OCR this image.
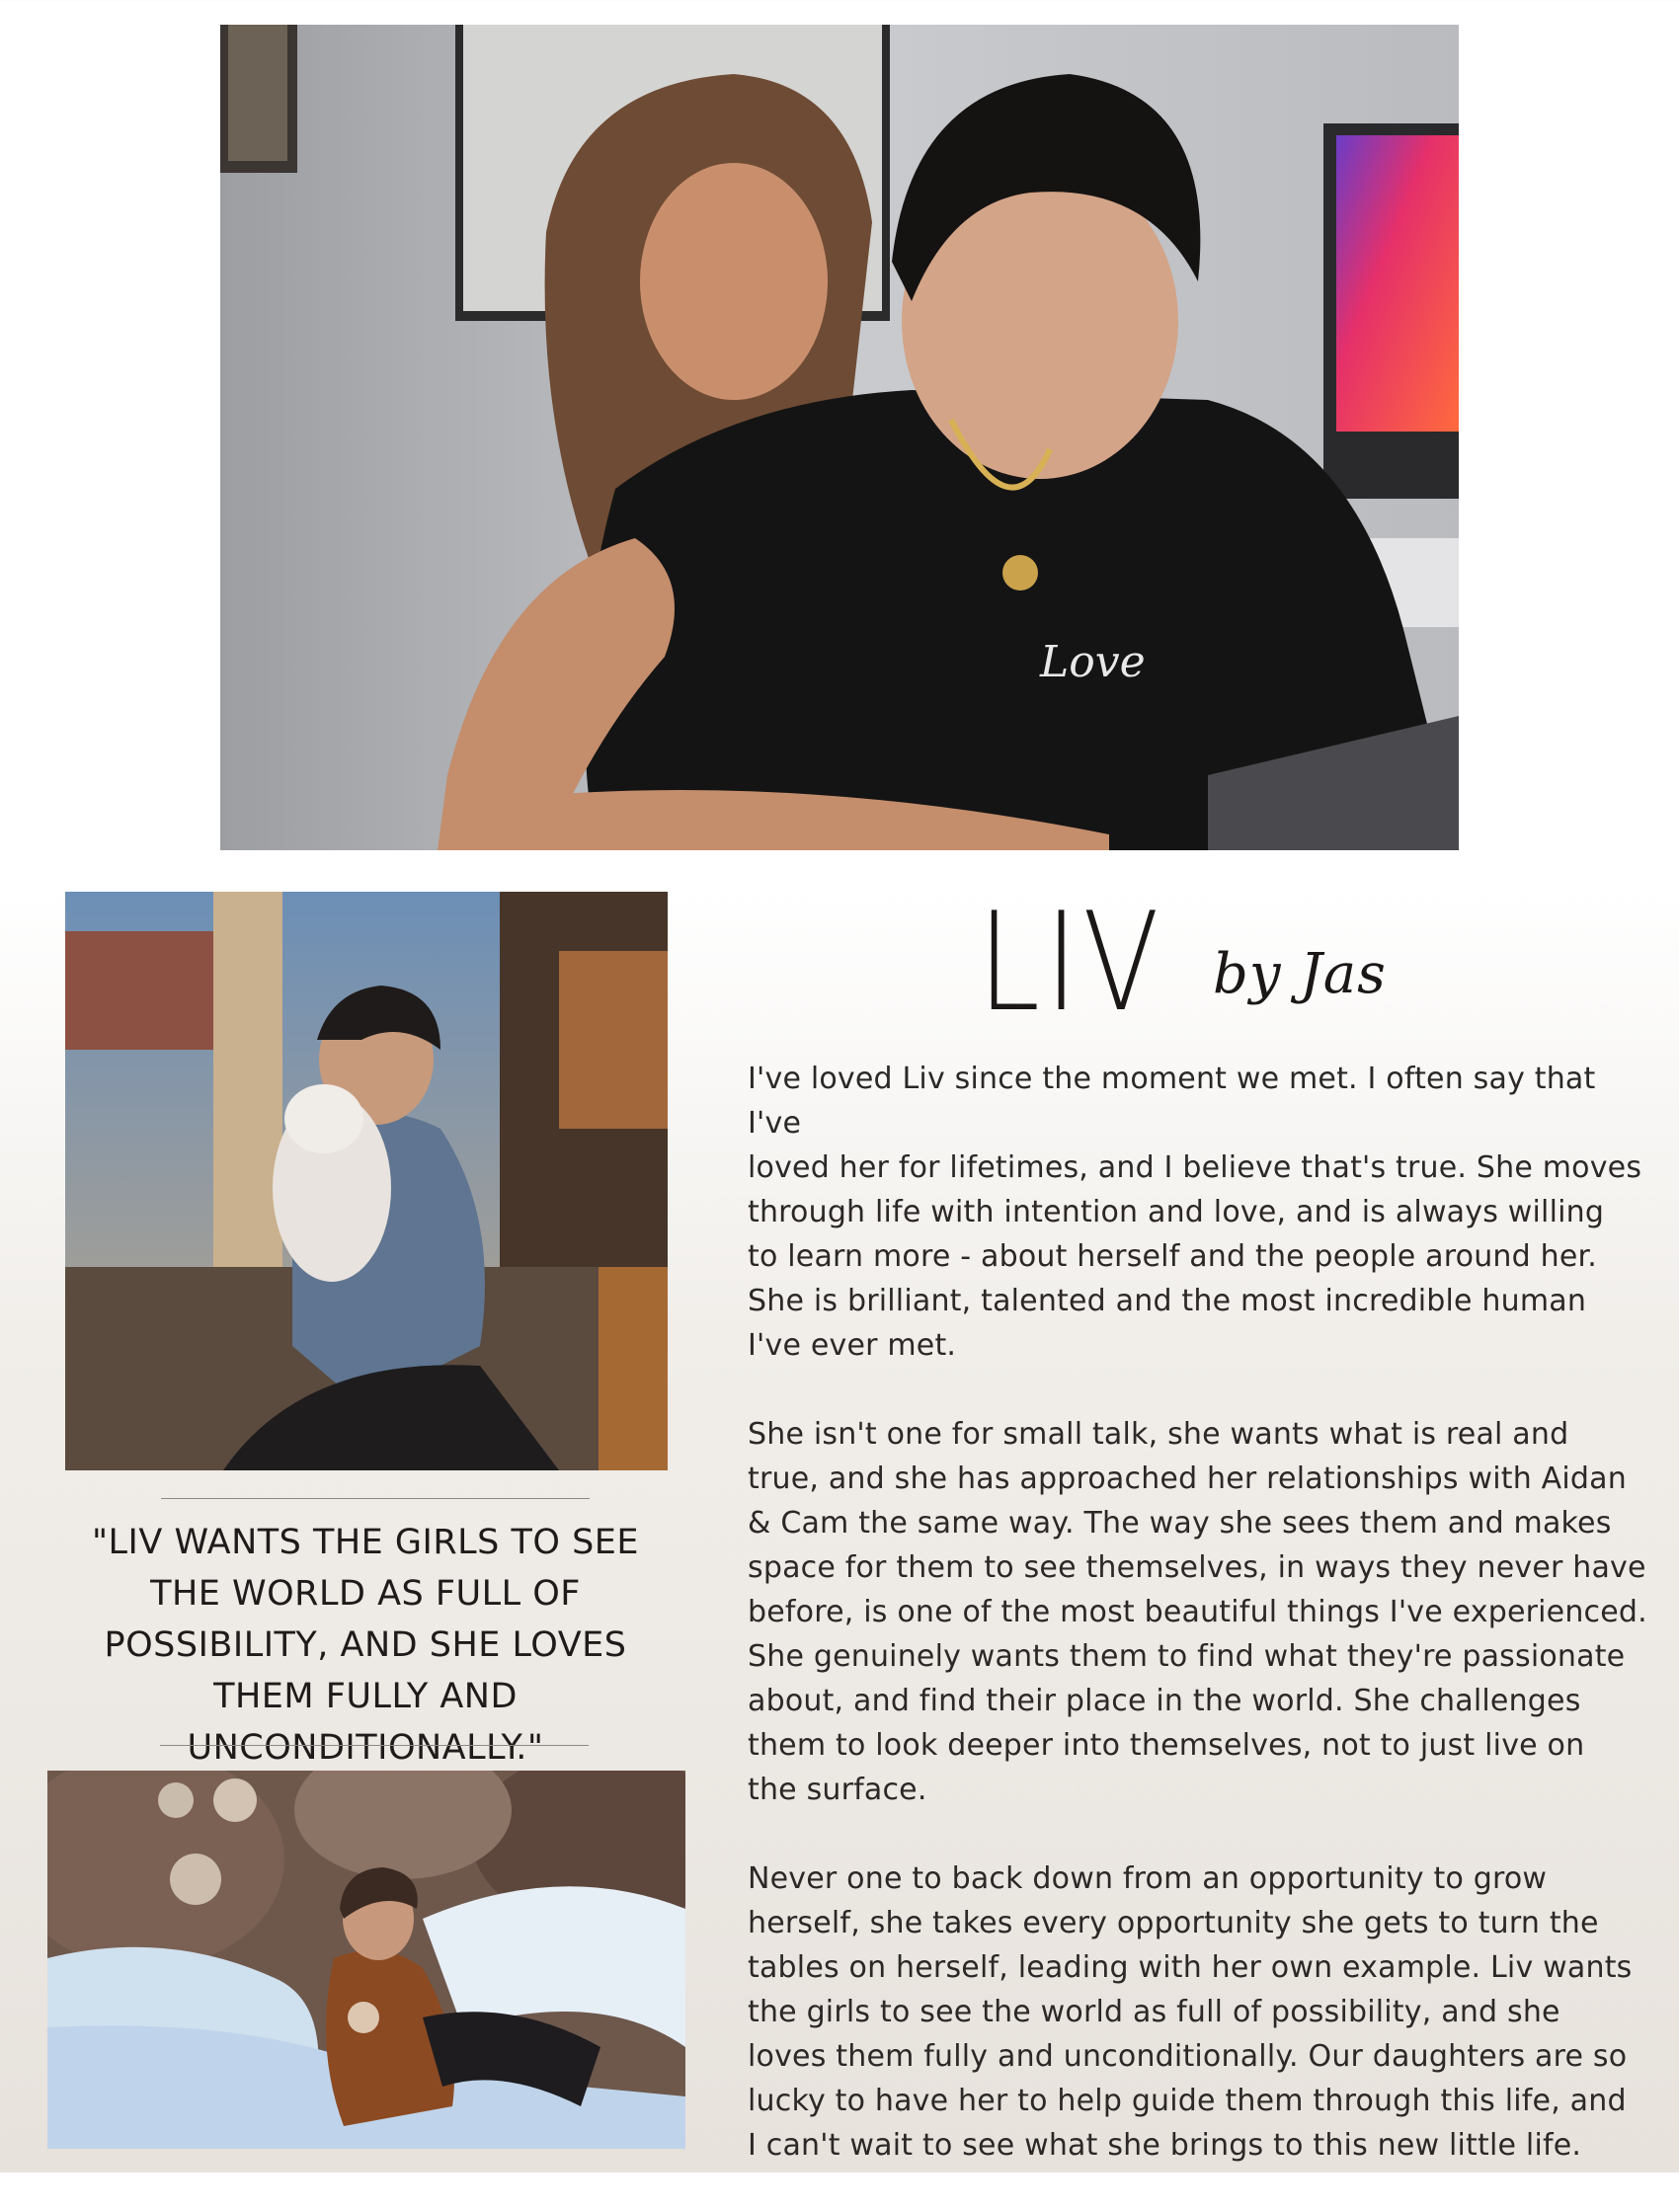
Love
"LIV WANTS THE GIRLS TO SEE THE WORLD AS FULL OF POSSIBILITY, AND SHE LOVES THEM FULLY AND UNCONDITIONALLY."
LIV by Jas

I've loved Liv since the moment we met. I often say that I've
loved her for lifetimes, and I believe that's true. She moves
through life with intention and love, and is always willing
to learn more - about herself and the people around her.
She is brilliant, talented and the most incredible human
I've ever met.

She isn't one for small talk, she wants what is real and
true, and she has approached her relationships with Aidan
& Cam the same way. The way she sees them and makes
space for them to see themselves, in ways they never have
before, is one of the most beautiful things I've experienced.
She genuinely wants them to find what they're passionate
about, and find their place in the world. She challenges
them to look deeper into themselves, not to just live on
the surface.

Never one to back down from an opportunity to grow
herself, she takes every opportunity she gets to turn the
tables on herself, leading with her own example. Liv wants
the girls to see the world as full of possibility, and she
loves them fully and unconditionally. Our daughters are so
lucky to have her to help guide them through this life, and
I can't wait to see what she brings to this new little life.
